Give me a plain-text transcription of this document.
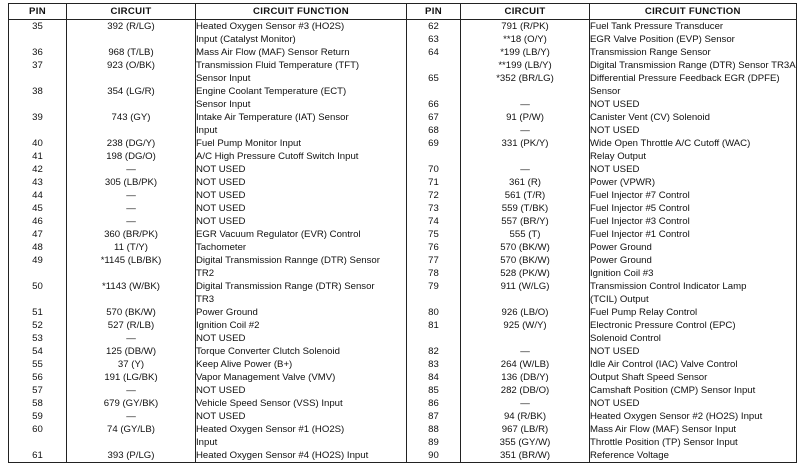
PIN	CIRCUIT	CIRCUIT FUNCTION	PIN	CIRCUIT	CIRCUIT FUNCTION
35	392 (R/LG)	Heated Oxygen Sensor #3 (HO2S)	62	791 (R/PK)	Fuel Tank Pressure Transducer
		Input (Catalyst Monitor)	63	**18 (O/Y)	EGR Valve Position (EVP) Sensor
36	968 (T/LB)	Mass Air Flow (MAF) Sensor Return	64	*199 (LB/Y)	Transmission Range Sensor
37	923 (O/BK)	Transmission Fluid Temperature (TFT)		**199 (LB/Y)	Digital Transmission Range (DTR) Sensor TR3A
		Sensor Input	65	*352 (BR/LG)	Differential Pressure Feedback EGR (DPFE)
38	354 (LG/R)	Engine Coolant Temperature (ECT)			Sensor
		Sensor Input	66	—	NOT USED
39	743 (GY)	Intake Air Temperature (IAT) Sensor	67	91 (P/W)	Canister Vent (CV) Solenoid
		Input	68	—	NOT USED
40	238 (DG/Y)	Fuel Pump Monitor Input	69	331 (PK/Y)	Wide Open Throttle A/C Cutoff (WAC)
41	198 (DG/O)	A/C High Pressure Cutoff Switch Input			Relay Output
42	—	NOT USED	70	—	NOT USED
43	305 (LB/PK)	NOT USED	71	361 (R)	Power (VPWR)
44	—	NOT USED	72	561 (T/R)	Fuel Injector #7 Control
45	—	NOT USED	73	559 (T/BK)	Fuel Injector #5 Control
46	—	NOT USED	74	557 (BR/Y)	Fuel Injector #3 Control
47	360 (BR/PK)	EGR Vacuum Regulator (EVR) Control	75	555 (T)	Fuel Injector #1 Control
48	11 (T/Y)	Tachometer	76	570 (BK/W)	Power Ground
49	*1145 (LB/BK)	Digital Transmission Rannge (DTR) Sensor	77	570 (BK/W)	Power Ground
		TR2	78	528 (PK/W)	Ignition Coil #3
50	*1143 (W/BK)	Digital Transmission Range (DTR) Sensor	79	911 (W/LG)	Transmission Control Indicator Lamp
		TR3			(TCIL) Output
51	570 (BK/W)	Power Ground	80	926 (LB/O)	Fuel Pump Relay Control
52	527 (R/LB)	Ignition Coil #2	81	925 (W/Y)	Electronic Pressure Control (EPC)
53	—	NOT USED			Solenoid Control
54	125 (DB/W)	Torque Converter Clutch Solenoid	82	—	NOT USED
55	37 (Y)	Keep Alive Power (B+)	83	264 (W/LB)	Idle Air Control (IAC) Valve Control
56	191 (LG/BK)	Vapor Management Valve (VMV)	84	136 (DB/Y)	Output Shaft Speed Sensor
57	—	NOT USED	85	282 (DB/O)	Camshaft Position (CMP) Sensor Input
58	679 (GY/BK)	Vehicle Speed Sensor (VSS) Input	86	—	NOT USED
59	—	NOT USED	87	94 (R/BK)	Heated Oxygen Sensor #2 (HO2S) Input
60	74 (GY/LB)	Heated Oxygen Sensor #1 (HO2S)	88	967 (LB/R)	Mass Air Flow (MAF) Sensor Input
		Input	89	355 (GY/W)	Throttle Position (TP) Sensor Input
61	393 (P/LG)	Heated Oxygen Sensor #4 (HO2S) Input	90	351 (BR/W)	Reference Voltage
